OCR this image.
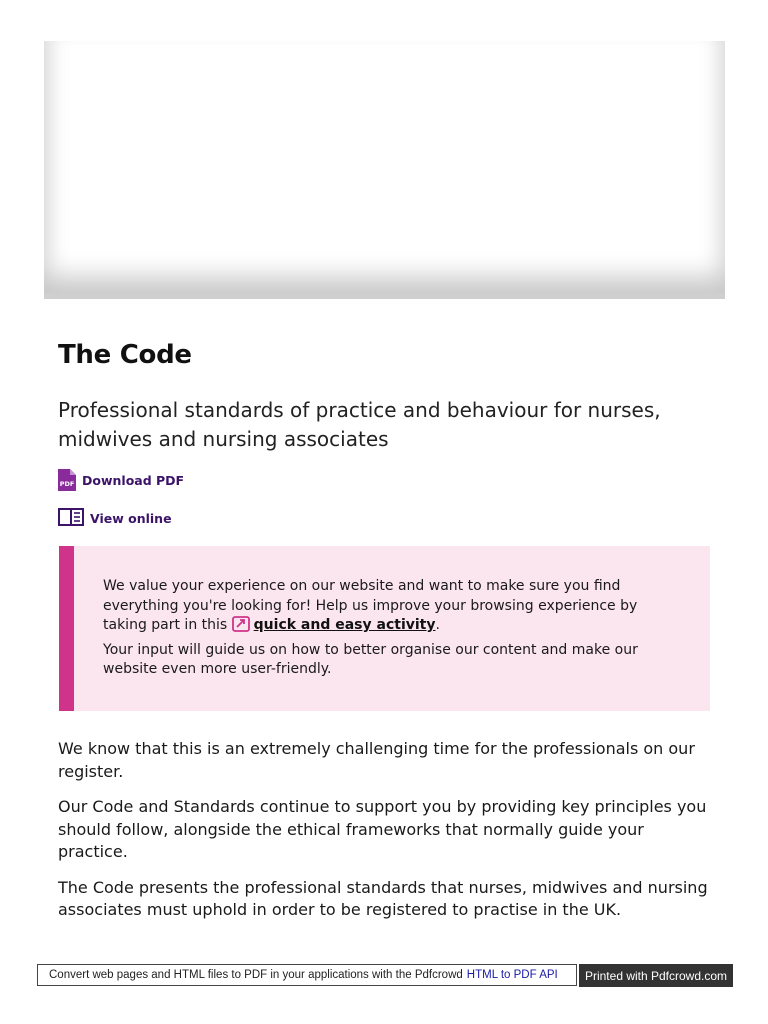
The Code
Professional standards of practice and behaviour for nurses, midwives and nursing associates
PDF Download PDF
View online

We value your experience on our website and want to make sure you find everything you're looking for! Help us improve your browsing experience by taking part in this quick and easy activity.

Your input will guide us on how to better organise our content and make our website even more user-friendly.

We know that this is an extremely challenging time for the professionals on our register.

Our Code and Standards continue to support you by providing key principles you should follow, alongside the ethical frameworks that normally guide your practice.

The Code presents the professional standards that nurses, midwives and nursing associates must uphold in order to be registered to practise in the UK.

Convert web pages and HTML files to PDF in your applications with the Pdfcrowd HTML to PDF API	Printed with Pdfcrowd.com
